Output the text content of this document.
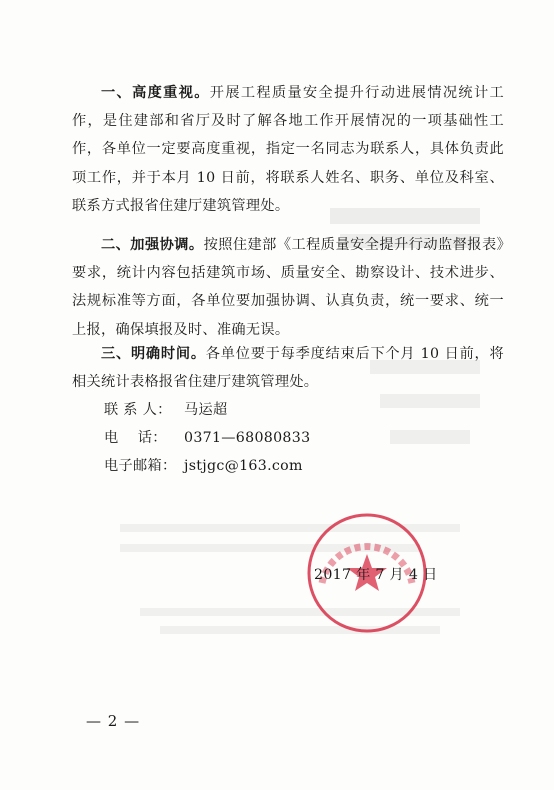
一、高度重视。开展工程质量安全提升行动进展情况统计工作，是住建部和省厅及时了解各地工作开展情况的一项基础性工作，各单位一定要高度重视，指定一名同志为联系人，具体负责此项工作，并于本月 10 日前，将联系人姓名、职务、单位及科室、联系方式报省住建厅建筑管理处。

二、加强协调。按照住建部《工程质量安全提升行动监督报表》要求，统计内容包括建筑市场、质量安全、勘察设计、技术进步、法规标准等方面，各单位要加强协调、认真负责，统一要求、统一上报，确保填报及时、准确无误。

三、明确时间。各单位要于每季度结束后下个月 10 日前，将相关统计表格报省住建厅建筑管理处。

联 系 人： 马运超
电    话： 0371—68080833
电子邮箱： jstjgc@163.com
2017 年 7 月 4 日
— 2 —
